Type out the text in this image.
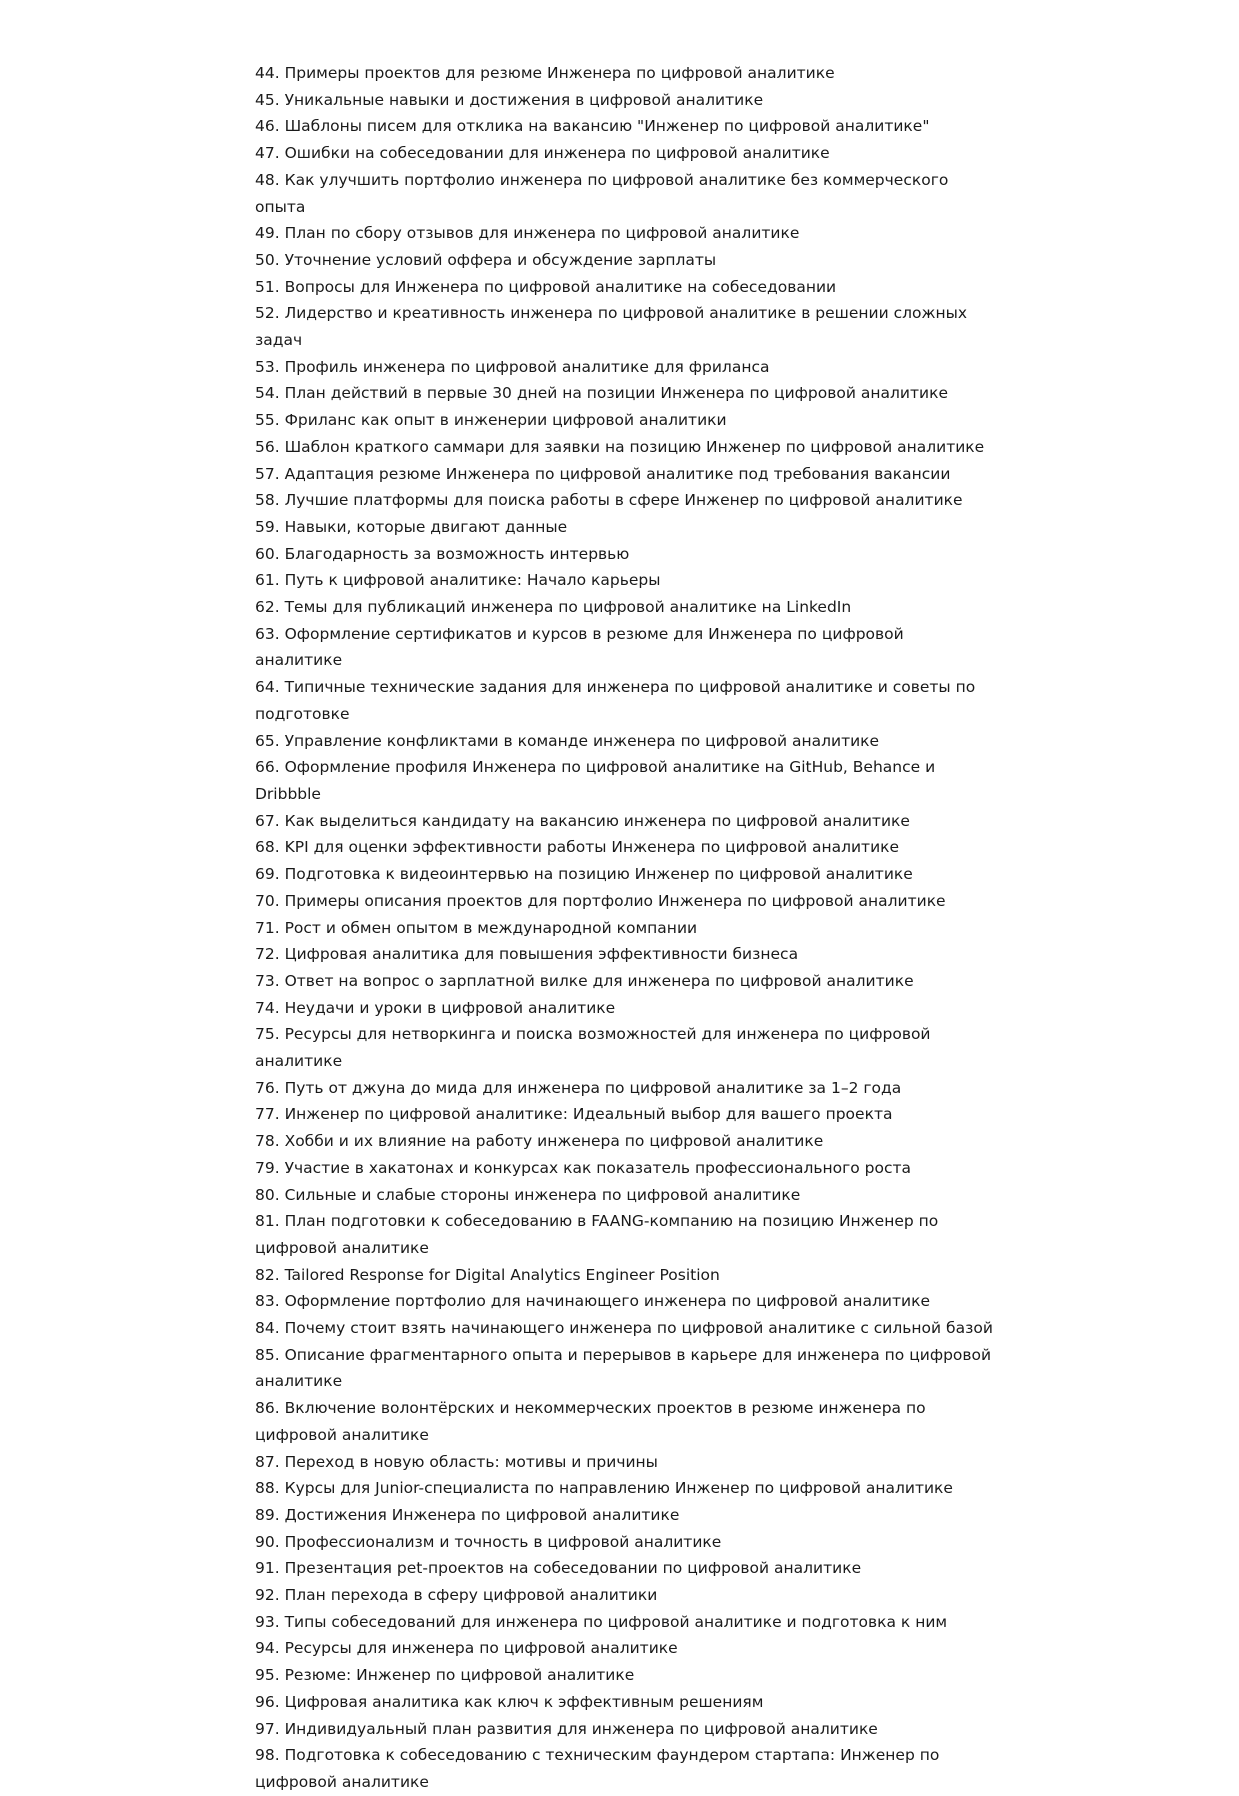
44. Примеры проектов для резюме Инженера по цифровой аналитике
45. Уникальные навыки и достижения в цифровой аналитике
46. Шаблоны писем для отклика на вакансию "Инженер по цифровой аналитике"
47. Ошибки на собеседовании для инженера по цифровой аналитике
48. Как улучшить портфолио инженера по цифровой аналитике без коммерческого опыта
49. План по сбору отзывов для инженера по цифровой аналитике
50. Уточнение условий оффера и обсуждение зарплаты
51. Вопросы для Инженера по цифровой аналитике на собеседовании
52. Лидерство и креативность инженера по цифровой аналитике в решении сложных задач
53. Профиль инженера по цифровой аналитике для фриланса
54. План действий в первые 30 дней на позиции Инженера по цифровой аналитике
55. Фриланс как опыт в инженерии цифровой аналитики
56. Шаблон краткого саммари для заявки на позицию Инженер по цифровой аналитике
57. Адаптация резюме Инженера по цифровой аналитике под требования вакансии
58. Лучшие платформы для поиска работы в сфере Инженер по цифровой аналитике
59. Навыки, которые двигают данные
60. Благодарность за возможность интервью
61. Путь к цифровой аналитике: Начало карьеры
62. Темы для публикаций инженера по цифровой аналитике на LinkedIn
63. Оформление сертификатов и курсов в резюме для Инженера по цифровой аналитике
64. Типичные технические задания для инженера по цифровой аналитике и советы по подготовке
65. Управление конфликтами в команде инженера по цифровой аналитике
66. Оформление профиля Инженера по цифровой аналитике на GitHub, Behance и Dribbble
67. Как выделиться кандидату на вакансию инженера по цифровой аналитике
68. KPI для оценки эффективности работы Инженера по цифровой аналитике
69. Подготовка к видеоинтервью на позицию Инженер по цифровой аналитике
70. Примеры описания проектов для портфолио Инженера по цифровой аналитике
71. Рост и обмен опытом в международной компании
72. Цифровая аналитика для повышения эффективности бизнеса
73. Ответ на вопрос о зарплатной вилке для инженера по цифровой аналитике
74. Неудачи и уроки в цифровой аналитике
75. Ресурсы для нетворкинга и поиска возможностей для инженера по цифровой аналитике
76. Путь от джуна до мида для инженера по цифровой аналитике за 1–2 года
77. Инженер по цифровой аналитике: Идеальный выбор для вашего проекта
78. Хобби и их влияние на работу инженера по цифровой аналитике
79. Участие в хакатонах и конкурсах как показатель профессионального роста
80. Сильные и слабые стороны инженера по цифровой аналитике
81. План подготовки к собеседованию в FAANG-компанию на позицию Инженер по цифровой аналитике
82. Tailored Response for Digital Analytics Engineer Position
83. Оформление портфолио для начинающего инженера по цифровой аналитике
84. Почему стоит взять начинающего инженера по цифровой аналитике с сильной базой
85. Описание фрагментарного опыта и перерывов в карьере для инженера по цифровой аналитике
86. Включение волонтёрских и некоммерческих проектов в резюме инженера по цифровой аналитике
87. Переход в новую область: мотивы и причины
88. Курсы для Junior-специалиста по направлению Инженер по цифровой аналитике
89. Достижения Инженера по цифровой аналитике
90. Профессионализм и точность в цифровой аналитике
91. Презентация pet-проектов на собеседовании по цифровой аналитике
92. План перехода в сферу цифровой аналитики
93. Типы собеседований для инженера по цифровой аналитике и подготовка к ним
94. Ресурсы для инженера по цифровой аналитике
95. Резюме: Инженер по цифровой аналитике
96. Цифровая аналитика как ключ к эффективным решениям
97. Индивидуальный план развития для инженера по цифровой аналитике
98. Подготовка к собеседованию с техническим фаундером стартапа: Инженер по цифровой аналитике
